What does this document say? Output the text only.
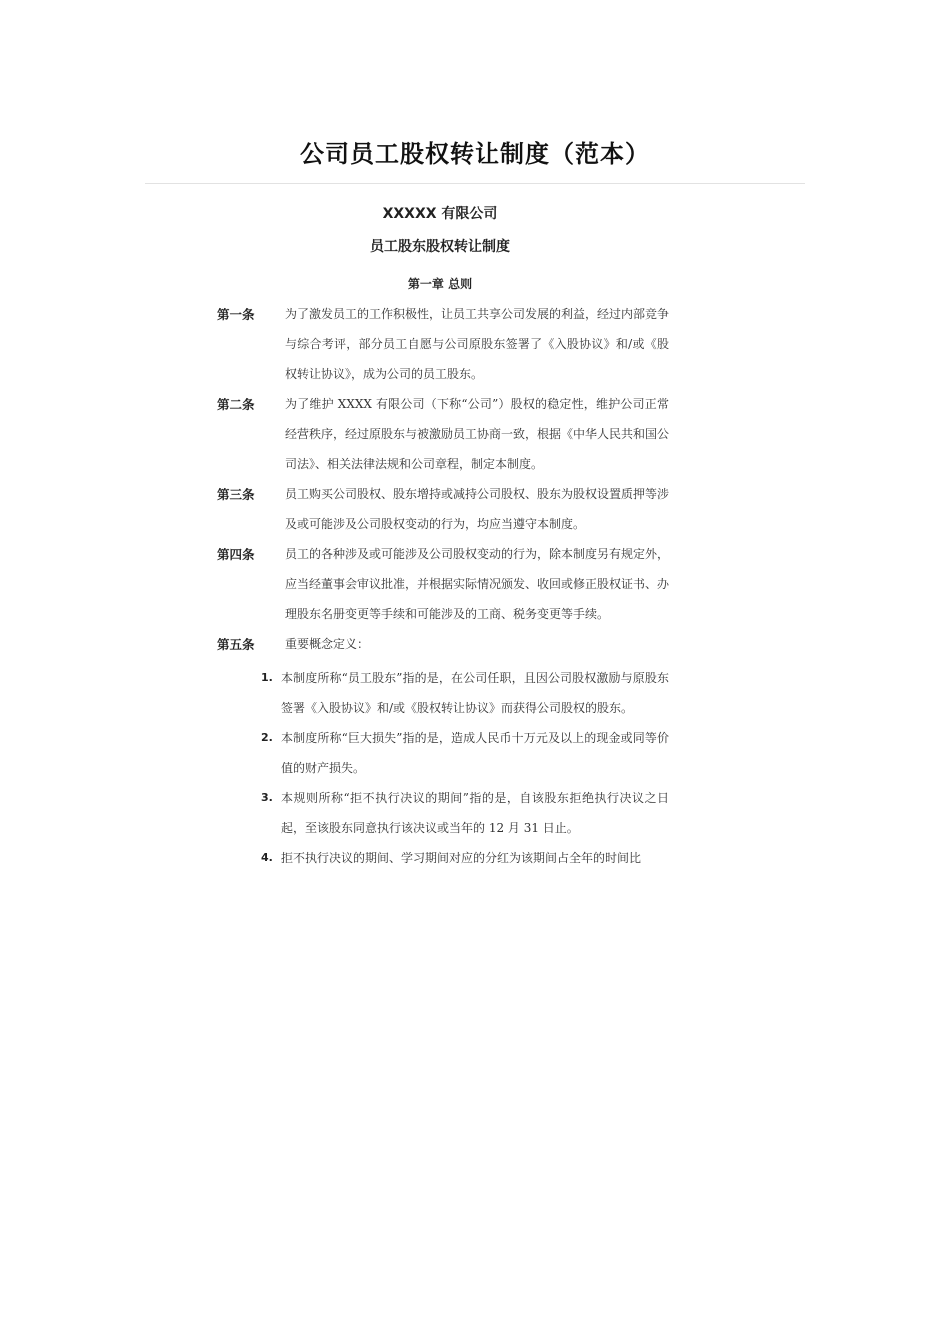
公司员工股权转让制度（范本）
XXXXX 有限公司
员工股东股权转让制度
第一章 总则
第一条	为了激发员工的工作积极性，让员工共享公司发展的利益，经过内部竞争与综合考评，部分员工自愿与公司原股东签署了《入股协议》和/或《股权转让协议》，成为公司的员工股东。
第二条	为了维护 XXXX 有限公司（下称“公司”）股权的稳定性，维护公司正常经营秩序，经过原股东与被激励员工协商一致，根据《中华人民共和国公司法》、相关法律法规和公司章程，制定本制度。
第三条	员工购买公司股权、股东增持或减持公司股权、股东为股权设置质押等涉及或可能涉及公司股权变动的行为，均应当遵守本制度。
第四条	员工的各种涉及或可能涉及公司股权变动的行为，除本制度另有规定外，应当经董事会审议批准，并根据实际情况颁发、收回或修正股权证书、办理股东名册变更等手续和可能涉及的工商、税务变更等手续。
第五条	重要概念定义：
1. 本制度所称“员工股东”指的是，在公司任职，且因公司股权激励与原股东签署《入股协议》和/或《股权转让协议》而获得公司股权的股东。
2. 本制度所称“巨大损失”指的是，造成人民币十万元及以上的现金或同等价值的财产损失。
3. 本规则所称“拒不执行决议的期间”指的是，自该股东拒绝执行决议之日起，至该股东同意执行该决议或当年的 12 月 31 日止。
4. 拒不执行决议的期间、学习期间对应的分红为该期间占全年的时间比
